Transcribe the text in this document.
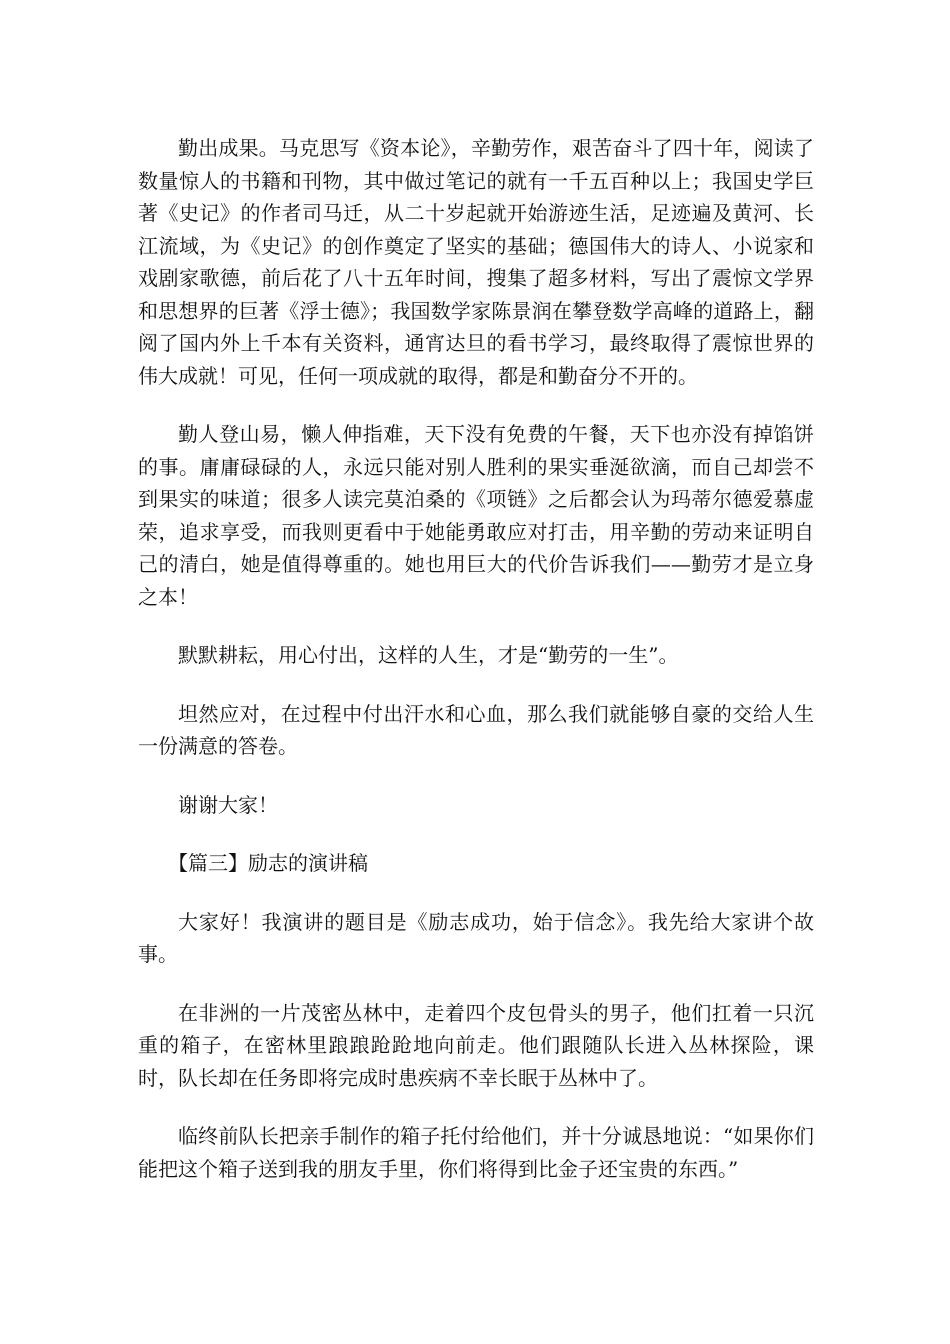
勤出成果。马克思写《资本论》，辛勤劳作，艰苦奋斗了四十年，阅读了数量惊人的书籍和刊物，其中做过笔记的就有一千五百种以上；我国史学巨著《史记》的作者司马迁，从二十岁起就开始游迹生活，足迹遍及黄河、长江流域，为《史记》的创作奠定了坚实的基础；德国伟大的诗人、小说家和戏剧家歌德，前后花了八十五年时间，搜集了超多材料，写出了震惊文学界和思想界的巨著《浮士德》；我国数学家陈景润在攀登数学高峰的道路上，翻阅了国内外上千本有关资料，通宵达旦的看书学习，最终取得了震惊世界的伟大成就！可见，任何一项成就的取得，都是和勤奋分不开的。

勤人登山易，懒人伸指难，天下没有免费的午餐，天下也亦没有掉馅饼的事。庸庸碌碌的人，永远只能对别人胜利的果实垂涎欲滴，而自己却尝不到果实的味道；很多人读完莫泊桑的《项链》之后都会认为玛蒂尔德爱慕虚荣，追求享受，而我则更看中于她能勇敢应对打击，用辛勤的劳动来证明自己的清白，她是值得尊重的。她也用巨大的代价告诉我们——勤劳才是立身之本！

默默耕耘，用心付出，这样的人生，才是“勤劳的一生”。

坦然应对，在过程中付出汗水和心血，那么我们就能够自豪的交给人生一份满意的答卷。

谢谢大家！

【篇三】励志的演讲稿

大家好！我演讲的题目是《励志成功，始于信念》。我先给大家讲个故事。

在非洲的一片茂密丛林中，走着四个皮包骨头的男子，他们扛着一只沉重的箱子，在密林里踉踉跄跄地向前走。他们跟随队长进入丛林探险，课时，队长却在任务即将完成时患疾病不幸长眠于丛林中了。

临终前队长把亲手制作的箱子托付给他们，并十分诚恳地说：“如果你们能把这个箱子送到我的朋友手里，你们将得到比金子还宝贵的东西。”
